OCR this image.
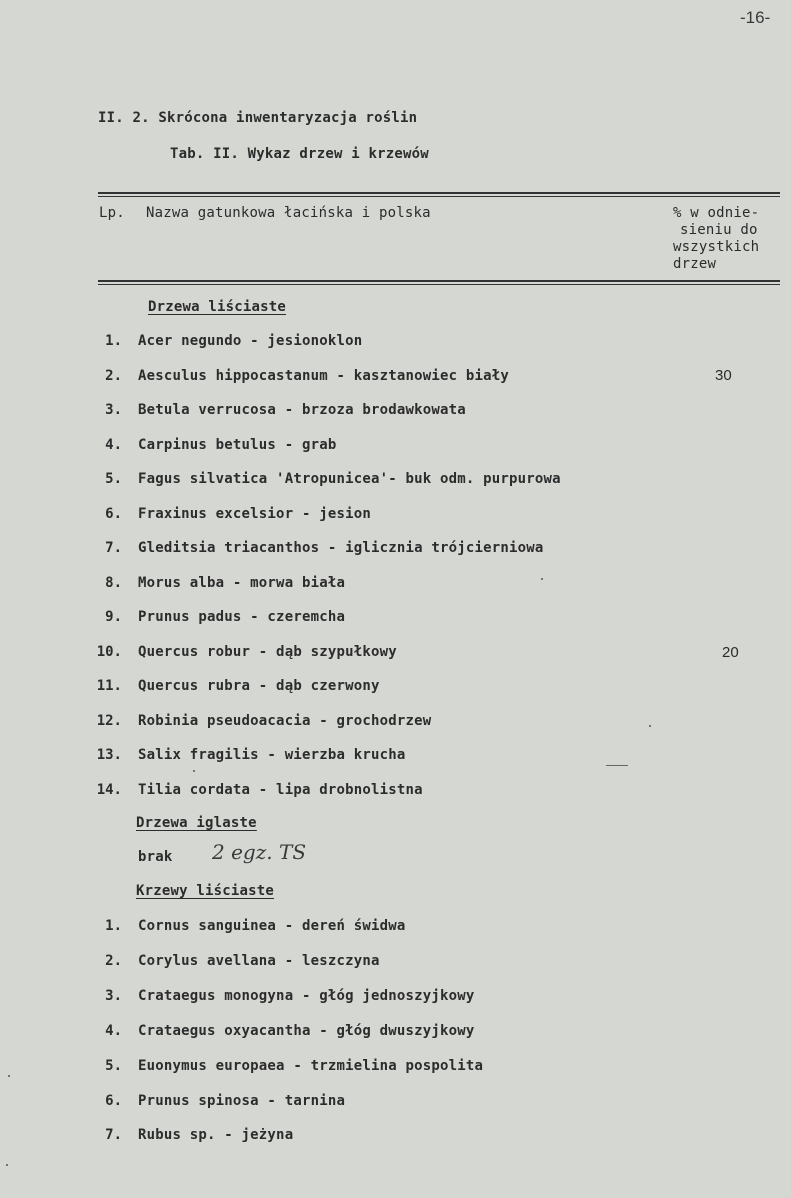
-16-
II. 2. Skrócona inwentaryzacja roślin
Tab. II. Wykaz drzew i krzewów
Lp. Nazwa gatunkowa łacińska i polska	% w odnie-
sieniu do
wszystkich
drzew
Drzewa liściaste
1. Acer negundo - jesionoklon
2. Aesculus hippocastanum - kasztanowiec biały	30
3. Betula verrucosa - brzoza brodawkowata
4. Carpinus betulus - grab
5. Fagus silvatica 'Atropunicea'- buk odm. purpurowa
6. Fraxinus excelsior - jesion
7. Gleditsia triacanthos - iglicznia trójcierniowa
8. Morus alba - morwa biała
9. Prunus padus - czeremcha
10. Quercus robur - dąb szypułkowy	20
11. Quercus rubra - dąb czerwony
12. Robinia pseudoacacia - grochodrzew
13. Salix fragilis - wierzba krucha
14. Tilia cordata - lipa drobnolistna
Drzewa iglaste
brak 2 egz. TS
Krzewy liściaste
1. Cornus sanguinea - dereń świdwa
2. Corylus avellana - leszczyna
3. Crataegus monogyna - głóg jednoszyjkowy
4. Crataegus oxyacantha - głóg dwuszyjkowy
5. Euonymus europaea - trzmielina pospolita
6. Prunus spinosa - tarnina
7. Rubus sp. - jeżyna
